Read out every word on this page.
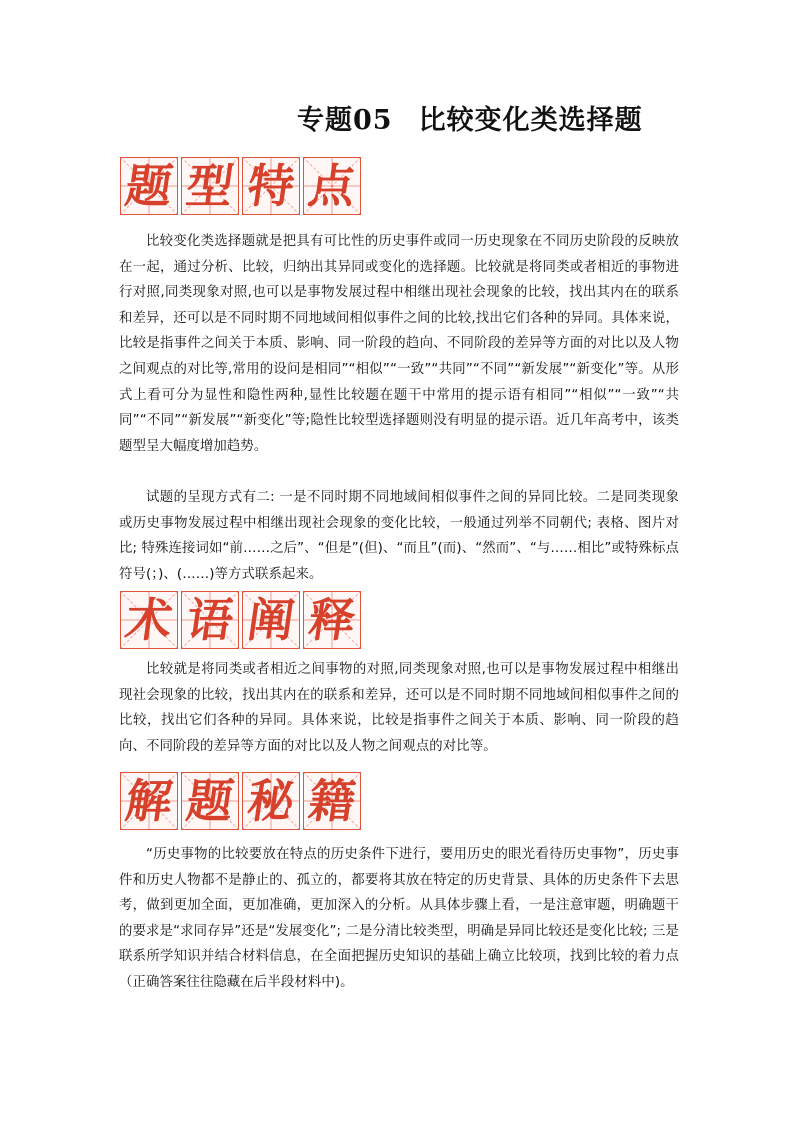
专题05 比较变化类选择题
题 型 特 点

比较变化类选择题就是把具有可比性的历史事件或同一历史现象在不同历史阶段的反映放在一起，通过分析、比较，归纳出其异同或变化的选择题。比较就是将同类或者相近的事物进行对照,同类现象对照,也可以是事物发展过程中相继出现社会现象的比较，找出其内在的联系和差异，还可以是不同时期不同地域间相似事件之间的比较,找出它们各种的异同。具体来说，比较是指事件之间关于本质、影响、同一阶段的趋向、不同阶段的差异等方面的对比以及人物之间观点的对比等,常用的设问是相同”“相似”“一致”“共同”“不同”“新发展”“新变化”等。从形式上看可分为显性和隐性两种,显性比较题在题干中常用的提示语有相同”“相似”“一致”“共同”“不同”“新发展”“新变化”等;隐性比较型选择题则没有明显的提示语。近几年高考中，该类题型呈大幅度增加趋势。

试题的呈现方式有二: 一是不同时期不同地域间相似事件之间的异同比较。二是同类现象或历史事物发展过程中相继出现社会现象的变化比较，一般通过列举不同朝代; 表格、图片对比; 特殊连接词如“前……之后”、“但是”(但)、“而且”(而)、“然而”、“与……相比”或特殊标点符号(；)、(……)等方式联系起来。

术 语 阐 释

比较就是将同类或者相近之间事物的对照,同类现象对照,也可以是事物发展过程中相继出现社会现象的比较，找出其内在的联系和差异，还可以是不同时期不同地域间相似事件之间的比较，找出它们各种的异同。具体来说，比较是指事件之间关于本质、影响、同一阶段的趋向、不同阶段的差异等方面的对比以及人物之间观点的对比等。

解 题 秘 籍

“历史事物的比较要放在特点的历史条件下进行，要用历史的眼光看待历史事物”，历史事件和历史人物都不是静止的、孤立的，都要将其放在特定的历史背景、具体的历史条件下去思考，做到更加全面，更加准确，更加深入的分析。从具体步骤上看，一是注意审题，明确题干的要求是“求同存异”还是“发展变化”; 二是分清比较类型，明确是异同比较还是变化比较; 三是联系所学知识并结合材料信息，在全面把握历史知识的基础上确立比较项，找到比较的着力点（正确答案往往隐藏在后半段材料中)。
